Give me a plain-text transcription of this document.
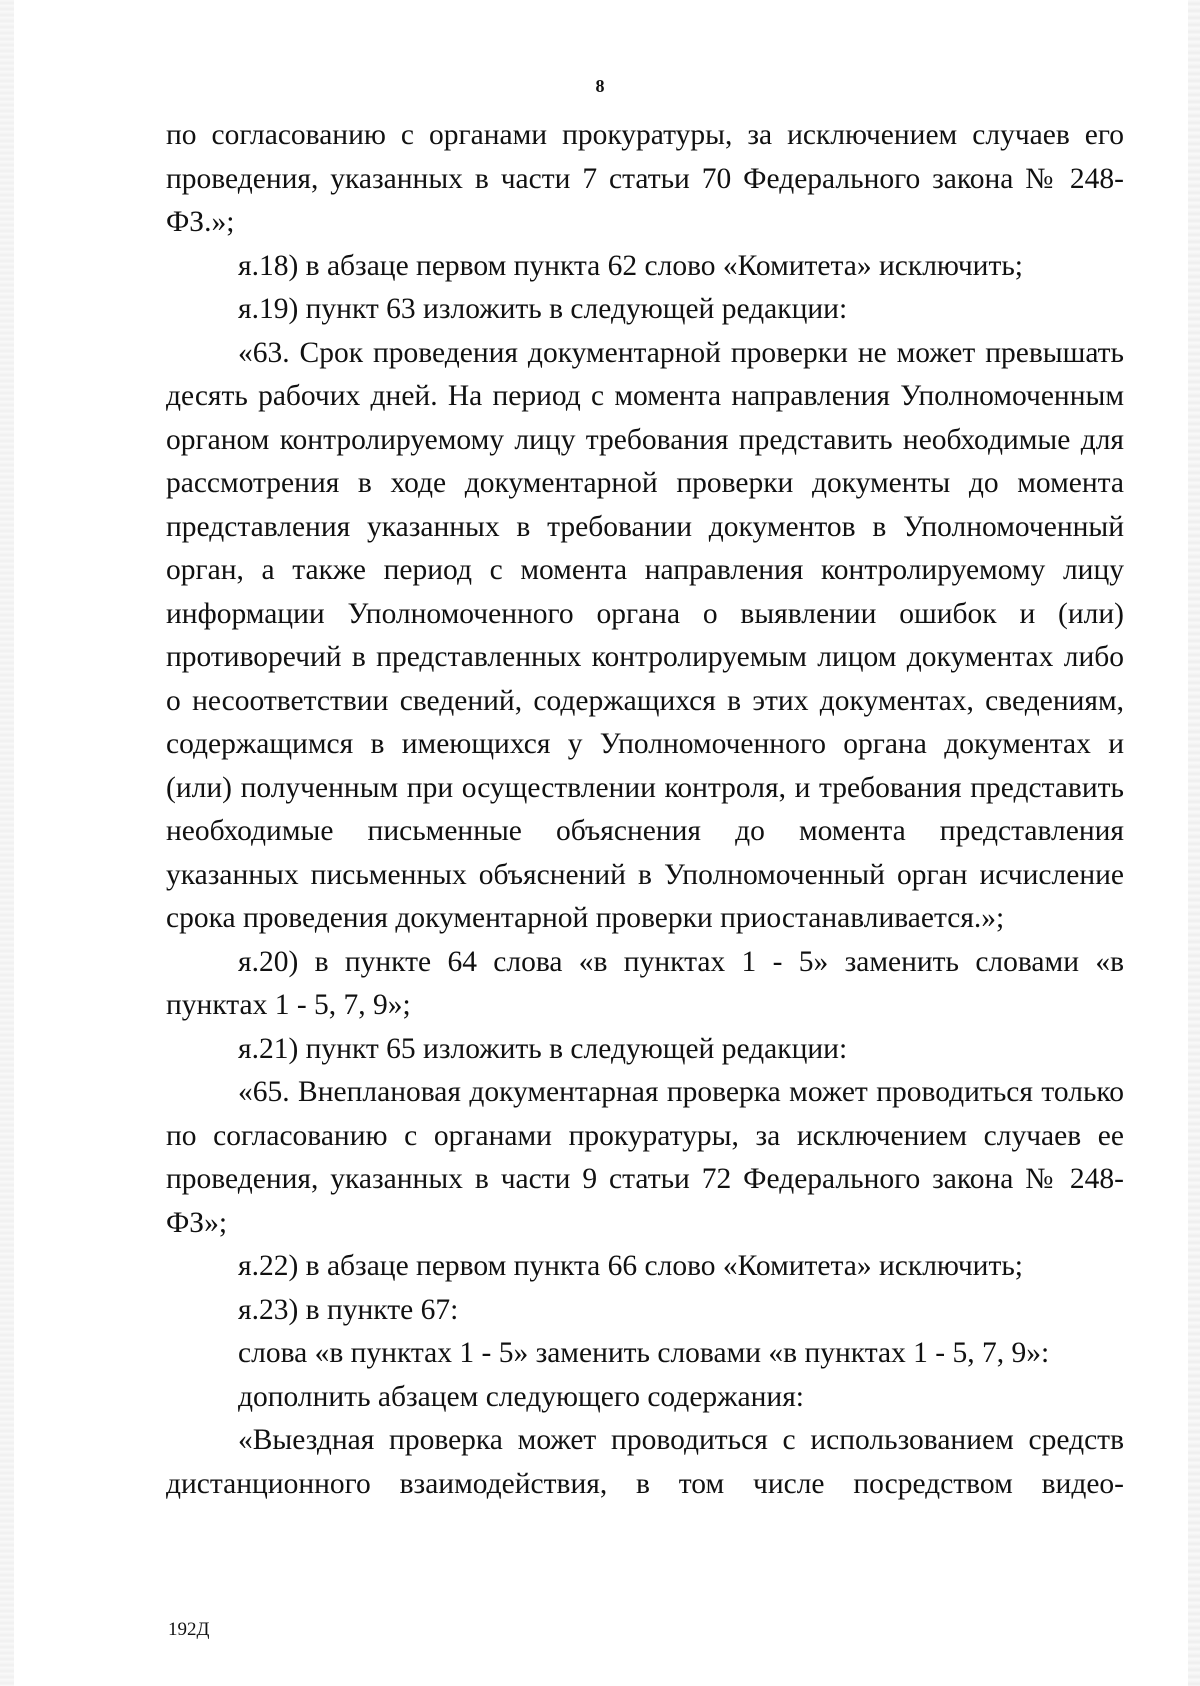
8

по согласованию с органами прокуратуры, за исключением случаев его проведения, указанных в части 7 статьи 70 Федерального закона № 248-ФЗ.»;

я.18) в абзаце первом пункта 62 слово «Комитета» исключить;

я.19) пункт 63 изложить в следующей редакции:

«63. Срок проведения документарной проверки не может превышать десять рабочих дней. На период с момента направления Уполномоченным органом контролируемому лицу требования представить необходимые для рассмотрения в ходе документарной проверки документы до момента представления указанных в требовании документов в Уполномоченный орган, а также период с момента направления контролируемому лицу информации Уполномоченного органа о выявлении ошибок и (или) противоречий в представленных контролируемым лицом документах либо о несоответствии сведений, содержащихся в этих документах, сведениям, содержащимся в имеющихся у Уполномоченного органа документах и (или) полученным при осуществлении контроля, и требования представить необходимые письменные объяснения до момента представления указанных письменных объяснений в Уполномоченный орган исчисление срока проведения документарной проверки приостанавливается.»;

я.20) в пункте 64 слова «в пунктах 1 - 5» заменить словами «в пунктах 1 - 5, 7, 9»;

я.21) пункт 65 изложить в следующей редакции:

«65. Внеплановая документарная проверка может проводиться только по согласованию с органами прокуратуры, за исключением случаев ее проведения, указанных в части 9 статьи 72 Федерального закона № 248-ФЗ»;

я.22) в абзаце первом пункта 66 слово «Комитета» исключить;

я.23) в пункте 67:

слова «в пунктах 1 - 5» заменить словами «в пунктах 1 - 5, 7, 9»:

дополнить абзацем следующего содержания:

«Выездная проверка может проводиться с использованием средств дистанционного взаимодействия, в том числе посредством видео-

192Д
